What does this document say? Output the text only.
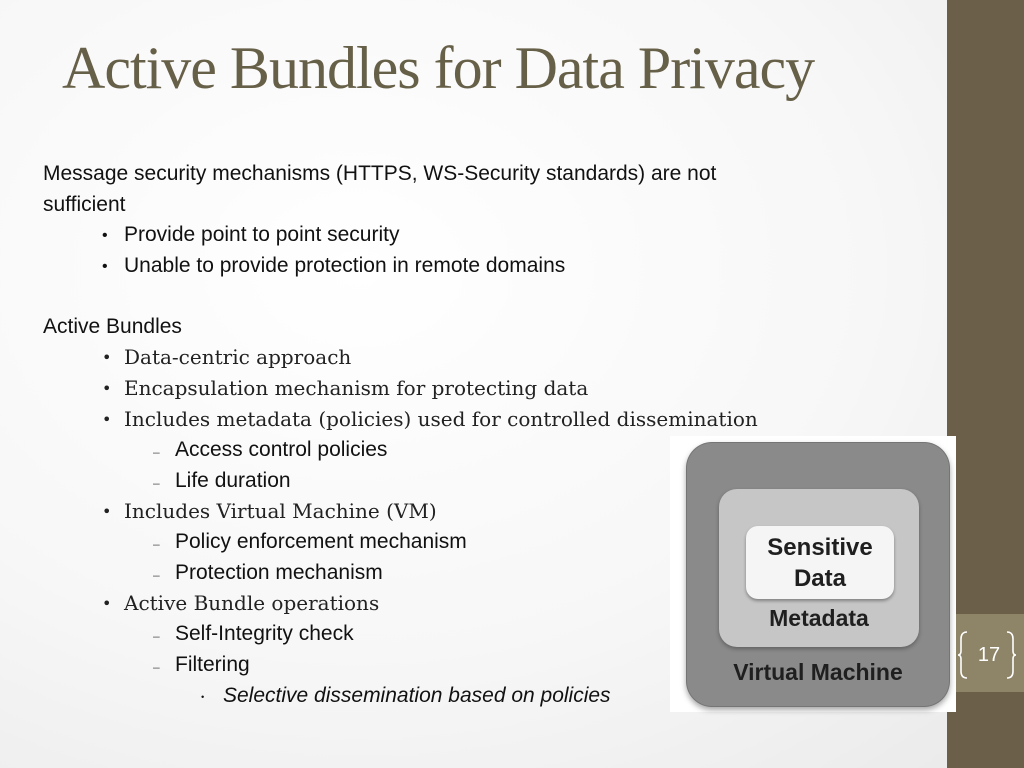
17
Active Bundles for Data Privacy
Message security mechanisms (HTTPS, WS-Security standards) are not
sufficient
• Provide point to point security
• Unable to provide protection in remote domains
Active Bundles
• Data-centric approach
• Encapsulation mechanism for protecting data
• Includes metadata (policies) used for controlled dissemination
– Access control policies
– Life duration
• Includes Virtual Machine (VM)
– Policy enforcement mechanism
– Protection mechanism
• Active Bundle operations
– Self-Integrity check
– Filtering
• Selective dissemination based on policies
Sensitive
Data
Metadata
Virtual Machine
